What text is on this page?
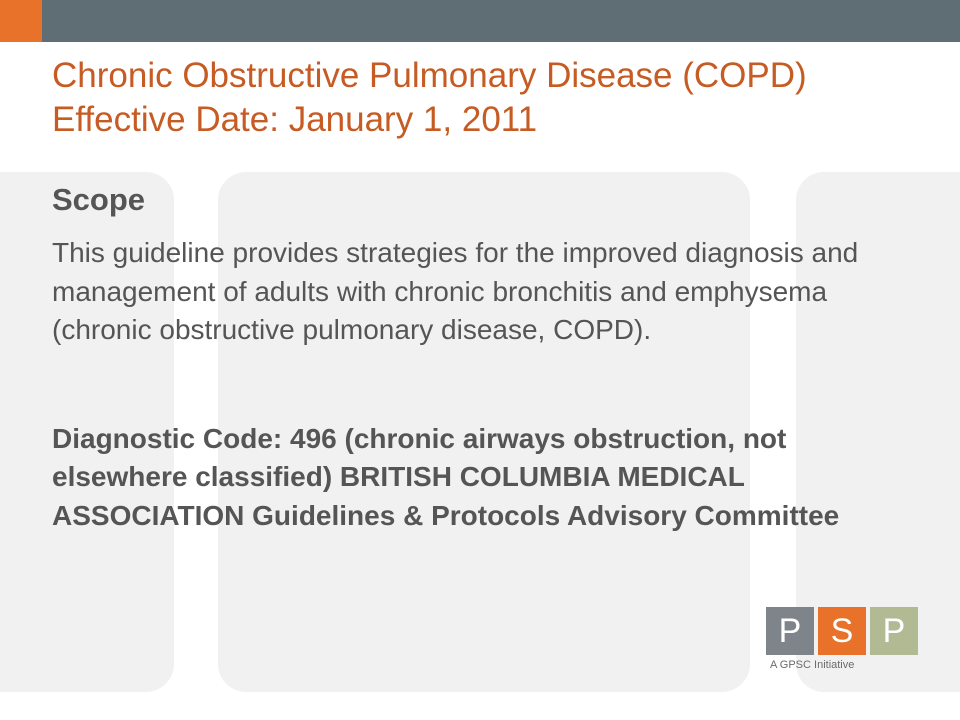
Chronic Obstructive Pulmonary Disease (COPD) Effective Date: January 1, 2011
Scope

This guideline provides strategies for the improved diagnosis and management of adults with chronic bronchitis and emphysema (chronic obstructive pulmonary disease, COPD).

Diagnostic Code: 496 (chronic airways obstruction, not elsewhere classified) BRITISH COLUMBIA MEDICAL ASSOCIATION Guidelines & Protocols Advisory Committee

P S P
A GPSC Initiative
